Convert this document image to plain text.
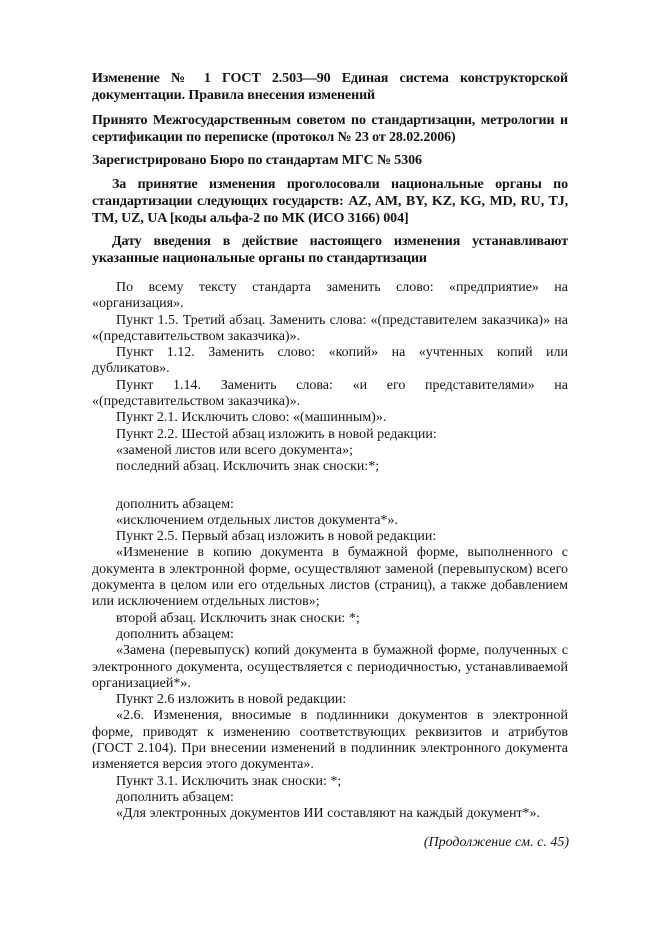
Изменение № 1 ГОСТ 2.503—90 Единая система конструкторской документации. Правила внесения изменений

Принято Межгосударственным советом по стандартизации, метрологии и сертификации по переписке (протокол № 23 от 28.02.2006)

Зарегистрировано Бюро по стандартам МГС № 5306

За принятие изменения проголосовали национальные органы по стандартизации следующих государств: AZ, AM, BY, KZ, KG, MD, RU, TJ, TM, UZ, UA [коды альфа-2 по МК (ИСО 3166) 004]

Дату введения в действие настоящего изменения устанавливают указанные национальные органы по стандартизации

По всему тексту стандарта заменить слово: «предприятие» на «организация».

Пункт 1.5. Третий абзац. Заменить слова: «(представителем заказчика)» на «(представительством заказчика)».

Пункт 1.12. Заменить слово: «копий» на «учтенных копий или дубликатов».

Пункт 1.14. Заменить слова: «и его представителями» на «(представительством заказчика)».

Пункт 2.1. Исключить слово: «(машинным)».

Пункт 2.2. Шестой абзац изложить в новой редакции:

«заменой листов или всего документа»;

последний абзац. Исключить знак сноски:*;

дополнить абзацем:

«исключением отдельных листов документа*».

Пункт 2.5. Первый абзац изложить в новой редакции:

«Изменение в копию документа в бумажной форме, выполненного с документа в электронной форме, осуществляют заменой (перевыпуском) всего документа в целом или его отдельных листов (страниц), а также добавлением или исключением отдельных листов»;

второй абзац. Исключить знак сноски: *;

дополнить абзацем:

«Замена (перевыпуск) копий документа в бумажной форме, полученных с электронного документа, осуществляется с периодичностью, устанавливаемой организацией*».

Пункт 2.6 изложить в новой редакции:

«2.6. Изменения, вносимые в подлинники документов в электронной форме, приводят к изменению соответствующих реквизитов и атрибутов (ГОСТ 2.104). При внесении изменений в подлинник электронного документа изменяется версия этого документа».

Пункт 3.1. Исключить знак сноски: *;

дополнить абзацем:

«Для электронных документов ИИ составляют на каждый документ*».

(Продолжение см. с. 45)
